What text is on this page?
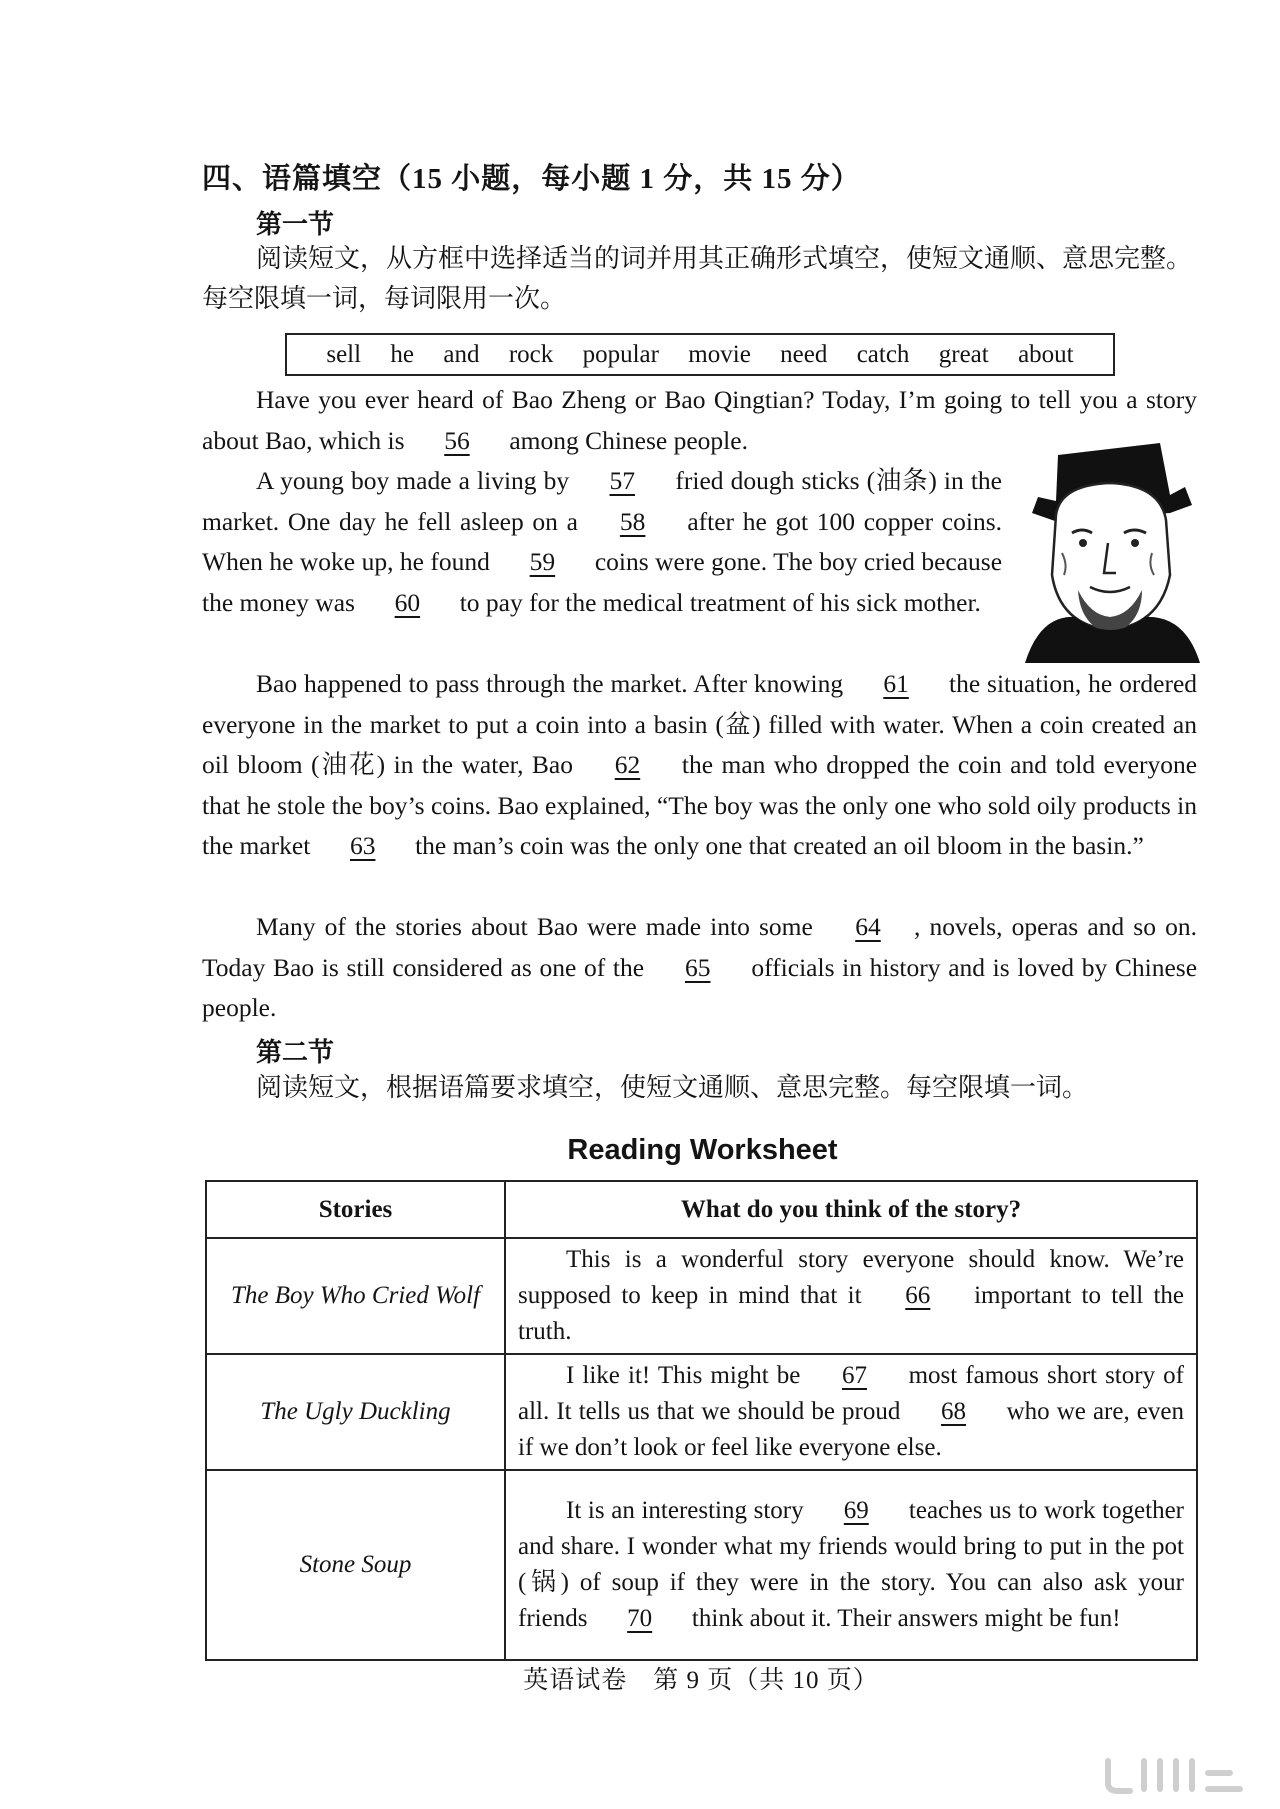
四、语篇填空（15 小题，每小题 1 分，共 15 分）
第一节
阅读短文，从方框中选择适当的词并用其正确形式填空，使短文通顺、意思完整。每空限填一词，每词限用一次。
sell he and rock popular movie need catch great about

Have you ever heard of Bao Zheng or Bao Qingtian? Today, I’m going to tell you a story about Bao, which is 56 among Chinese people.

A young boy made a living by 57 fried dough sticks (油条) in the market. One day he fell asleep on a 58 after he got 100 copper coins. When he woke up, he found 59 coins were gone. The boy cried because the money was 60 to pay for the medical treatment of his sick mother.

Bao happened to pass through the market. After knowing 61 the situation, he ordered everyone in the market to put a coin into a basin (盆) filled with water. When a coin created an oil bloom (油花) in the water, Bao 62 the man who dropped the coin and told everyone that he stole the boy’s coins. Bao explained, “The boy was the only one who sold oily products in the market 63 the man’s coin was the only one that created an oil bloom in the basin.”

Many of the stories about Bao were made into some 64 , novels, operas and so on. Today Bao is still considered as one of the 65 officials in history and is loved by Chinese people.

第二节
阅读短文，根据语篇要求填空，使短文通顺、意思完整。每空限填一词。
Reading Worksheet
Stories	What do you think of the story?
The Boy Who Cried Wolf	This is a wonderful story everyone should know. We’re supposed to keep in mind that it 66 important to tell the truth.
The Ugly Duckling	I like it! This might be 67 most famous short story of all. It tells us that we should be proud 68 who we are, even if we don’t look or feel like everyone else.
Stone Soup	It is an interesting story 69 teaches us to work together and share. I wonder what my friends would bring to put in the pot (锅) of soup if they were in the story. You can also ask your friends 70 think about it. Their answers might be fun!
英语试卷　第 9 页（共 10 页）
